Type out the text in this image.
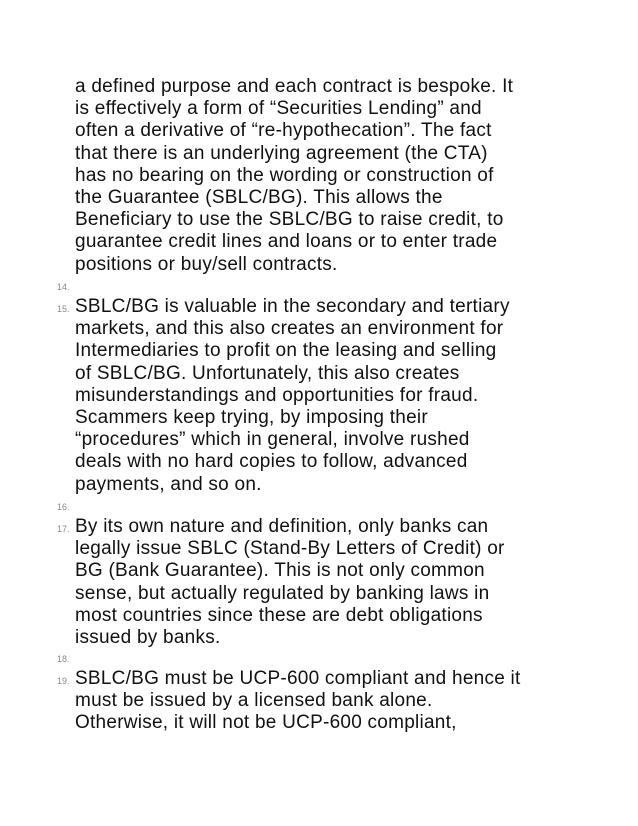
a defined purpose and each contract is bespoke. It
is effectively a form of “Securities Lending” and
often a derivative of “re-hypothecation”. The fact
that there is an underlying agreement (the CTA)
has no bearing on the wording or construction of
the Guarantee (SBLC/BG). This allows the
Beneficiary to use the SBLC/BG to raise credit, to
guarantee credit lines and loans or to enter trade
positions or buy/sell contracts.
14.
15. SBLC/BG is valuable in the secondary and tertiary
markets, and this also creates an environment for
Intermediaries to profit on the leasing and selling
of SBLC/BG. Unfortunately, this also creates
misunderstandings and opportunities for fraud.
Scammers keep trying, by imposing their
“procedures” which in general, involve rushed
deals with no hard copies to follow, advanced
payments, and so on.
16.
17. By its own nature and definition, only banks can
legally issue SBLC (Stand-By Letters of Credit) or
BG (Bank Guarantee). This is not only common
sense, but actually regulated by banking laws in
most countries since these are debt obligations
issued by banks.
18.
19. SBLC/BG must be UCP-600 compliant and hence it
must be issued by a licensed bank alone.
Otherwise, it will not be UCP-600 compliant,
